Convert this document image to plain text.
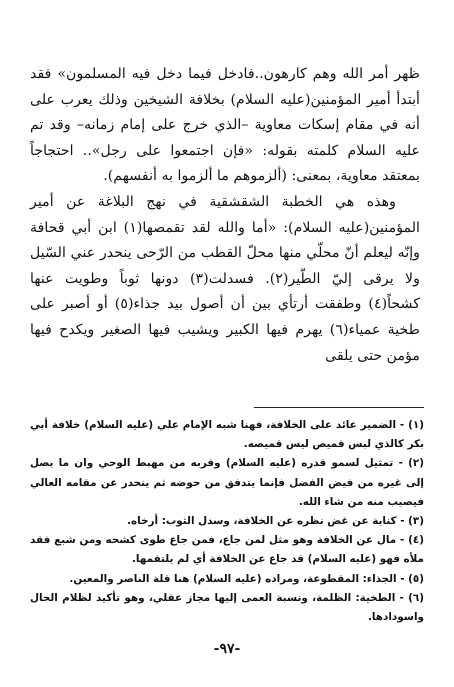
ظهر أمر الله وهم كارهون..فادخل فيما دخل فيه المسلمون» فقد أبتدأ أمير المؤمنين(عليه السلام) بخلافة الشيخين وذلك يعرب على أنه في مقام إسكات معاوية –الذي خرج على إمام زمانه– وقد تم عليه السلام كلمته بقوله: «فإن اجتمعوا على رجل».. احتجاجاً بمعتقد معاوية، بمعنى: (ألزموهم ما ألزموا به أنفسهم).

وهذه هي الخطبة الشقشقية في نهج البلاغة عن أمير المؤمنين(عليه السلام): «أما والله لقد تقمصها(١) ابن أبي قحافة وإنّه ليعلم أنّ محلّي منها محلّ القطب من الرّحى ينحدر عني السّيل ولا يرقى إليّ الطّير(٢). فسدلت(٣) دونها ثوباً وطويت عنها كشحاً(٤) وطفقت أرتأي بين أن أصول بيد جذاء(٥) أو أصبر على طخية عمياء(٦) يهرم فيها الكبير ويشيب فيها الصغير ويكدح فيها مؤمن حتى يلقى

(١) - الضمير عائد على الخلافة، فهنا شبه الإمام علي (عليه السلام) خلافة أبي بكر كالذي لبس قميص ليس قميصه.

(٢) - تمثيل لسمو قدره (عليه السلام) وقربه من مهبط الوحي وان ما يصل إلى غيره من فيض الفضل فإنما يتدفق من حوضه ثم ينحدر عن مقامه العالي فيصيب منه من شاء الله.

(٣) - كناية عن غض نظره عن الخلافة، وسدل الثوب: أرخاه.

(٤) - مال عن الخلافة وهو مثل لمن جاع، فمن جاع طوى كشحه ومن شبع فقد ملأه فهو (عليه السلام) قد جاع عن الخلافة أي لم يلتقمها.

(٥) - الجذاء: المقطوعة، ومراده (عليه السلام) هنا قلة الناصر والمعين.

(٦) - الطخية: الظلمة، ونسبة العمى إليها مجاز عقلي، وهو تأكيد لظلام الحال واسودادها.

-٩٧-
